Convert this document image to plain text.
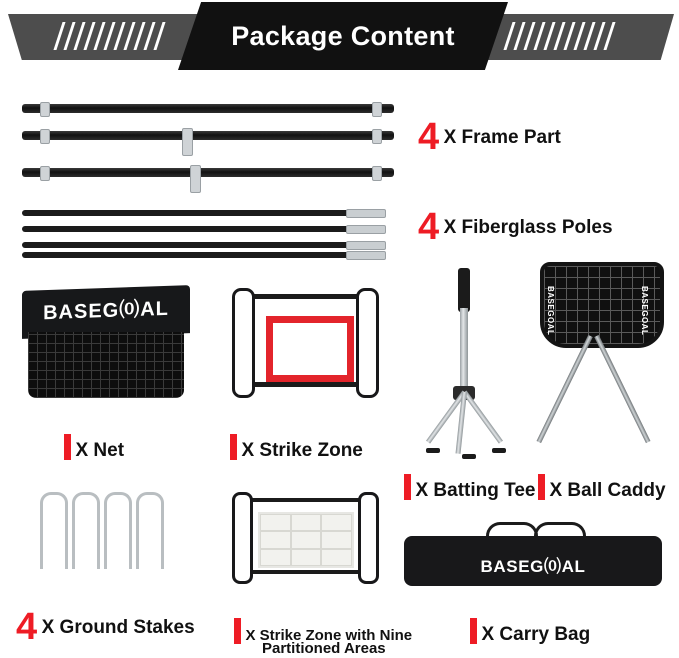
Package Content
4 X Frame Part
4 X Fiberglass Poles
BASEG⒪AL
X Net	X Strike Zone
X Batting Tee
BASEGOAL	BASEGOAL
X Ball Caddy
4 X Ground Stakes	X Strike Zone with Nine
Partitioned Areas
BASEG⒪AL
X Carry Bag
